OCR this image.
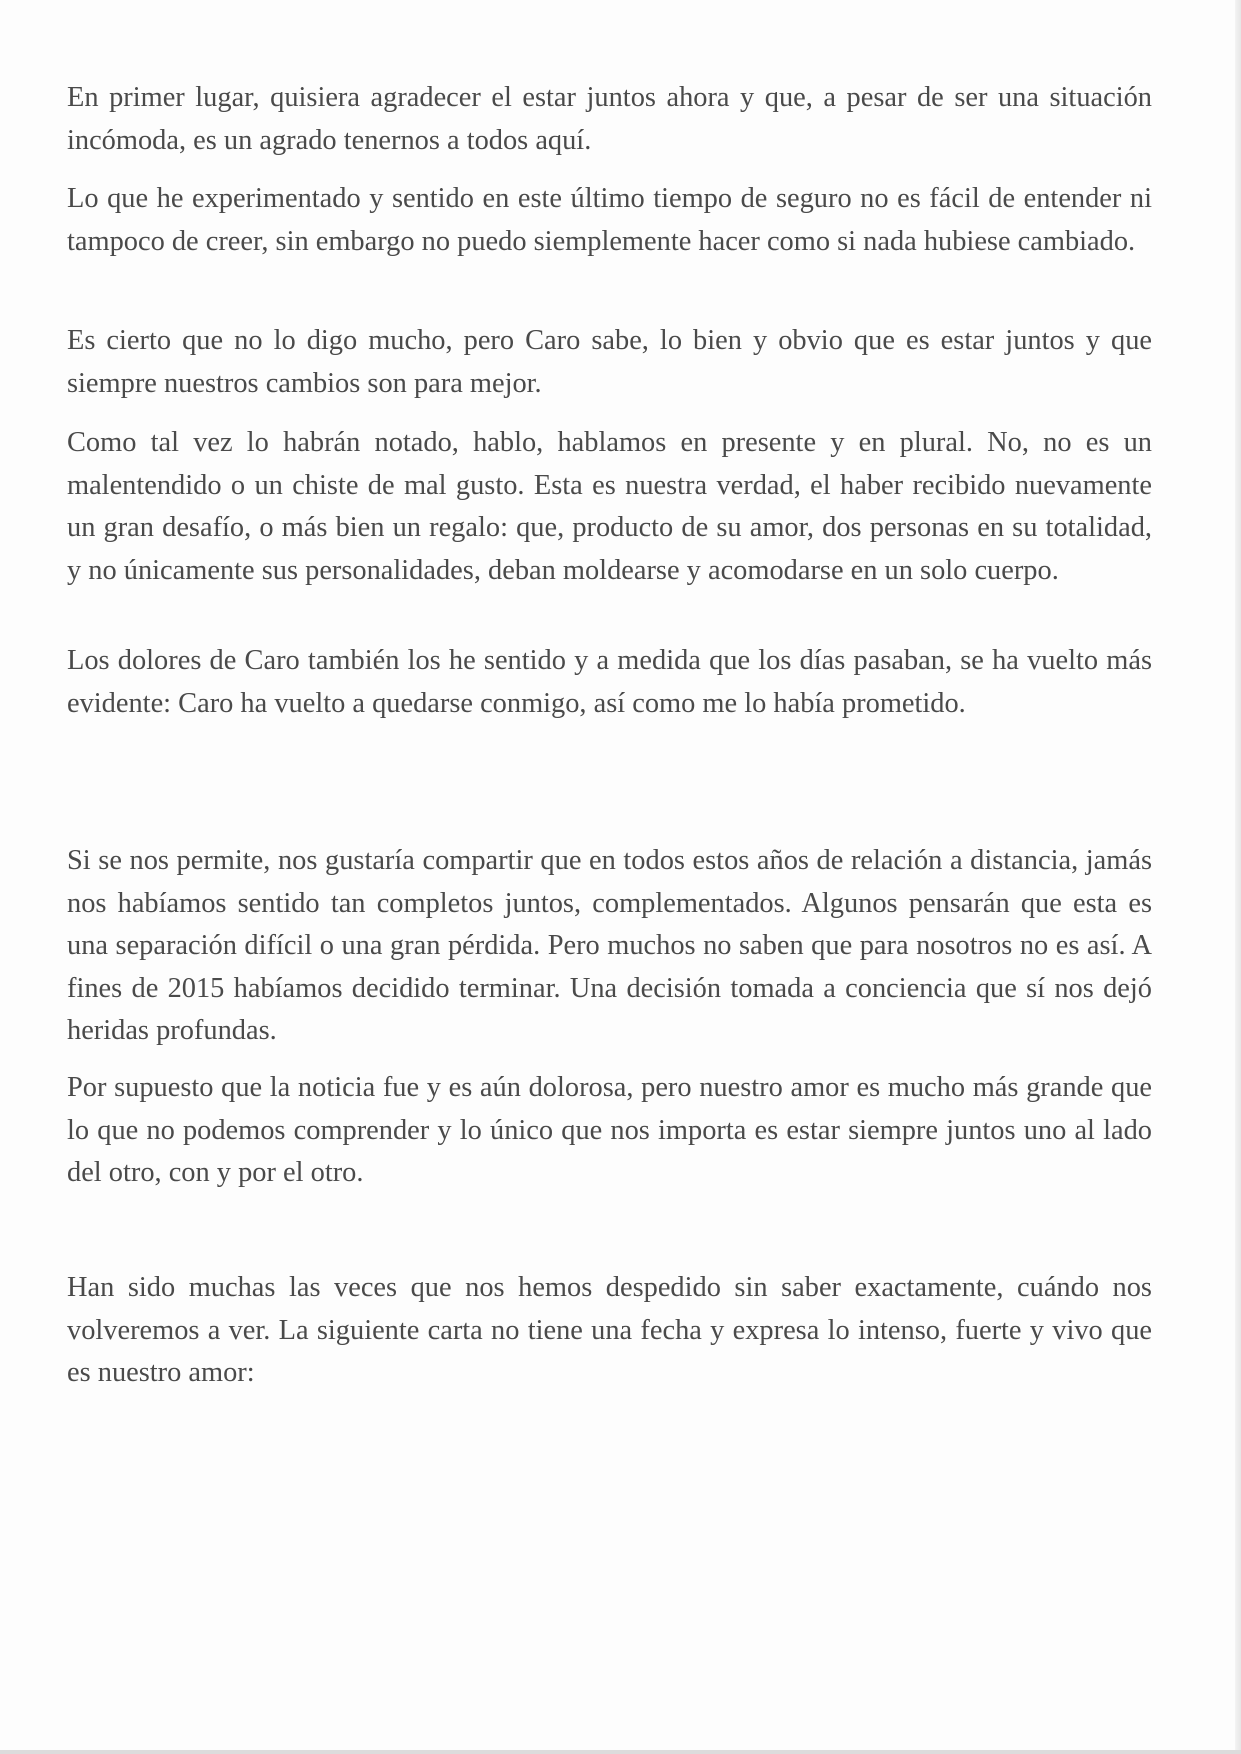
En primer lugar, quisiera agradecer el estar juntos ahora y que, a pesar de ser una situación incómoda, es un agrado tenernos a todos aquí.

Lo que he experimentado y sentido en este último tiempo de seguro no es fácil de entender ni tampoco de creer, sin embargo no puedo siemplemente hacer como si nada hubiese cambiado.

Es cierto que no lo digo mucho, pero Caro sabe, lo bien y obvio que es estar juntos y que siempre nuestros cambios son para mejor.

Como tal vez lo habrán notado, hablo, hablamos en presente y en plural. No, no es un malentendido o un chiste de mal gusto. Esta es nuestra verdad, el haber recibido nuevamente un gran desafío, o más bien un regalo: que, producto de su amor, dos personas en su totalidad, y no únicamente sus personalidades, deban moldearse y acomodarse en un solo cuerpo.

Los dolores de Caro también los he sentido y a medida que los días pasaban, se ha vuelto más evidente: Caro ha vuelto a quedarse conmigo, así como me lo había prometido.

Si se nos permite, nos gustaría compartir que en todos estos años de relación a distancia, jamás nos habíamos sentido tan completos juntos, complementados. Algunos pensarán que esta es una separación difícil o una gran pérdida. Pero muchos no saben que para nosotros no es así. A fines de 2015 habíamos decidido terminar. Una decisión tomada a conciencia que sí nos dejó heridas profundas.

Por supuesto que la noticia fue y es aún dolorosa, pero nuestro amor es mucho más grande que lo que no podemos comprender y lo único que nos importa es estar siempre juntos uno al lado del otro, con y por el otro.

Han sido muchas las veces que nos hemos despedido sin saber exactamente, cuándo nos volveremos a ver. La siguiente carta no tiene una fecha y expresa lo intenso, fuerte y vivo que es nuestro amor:
